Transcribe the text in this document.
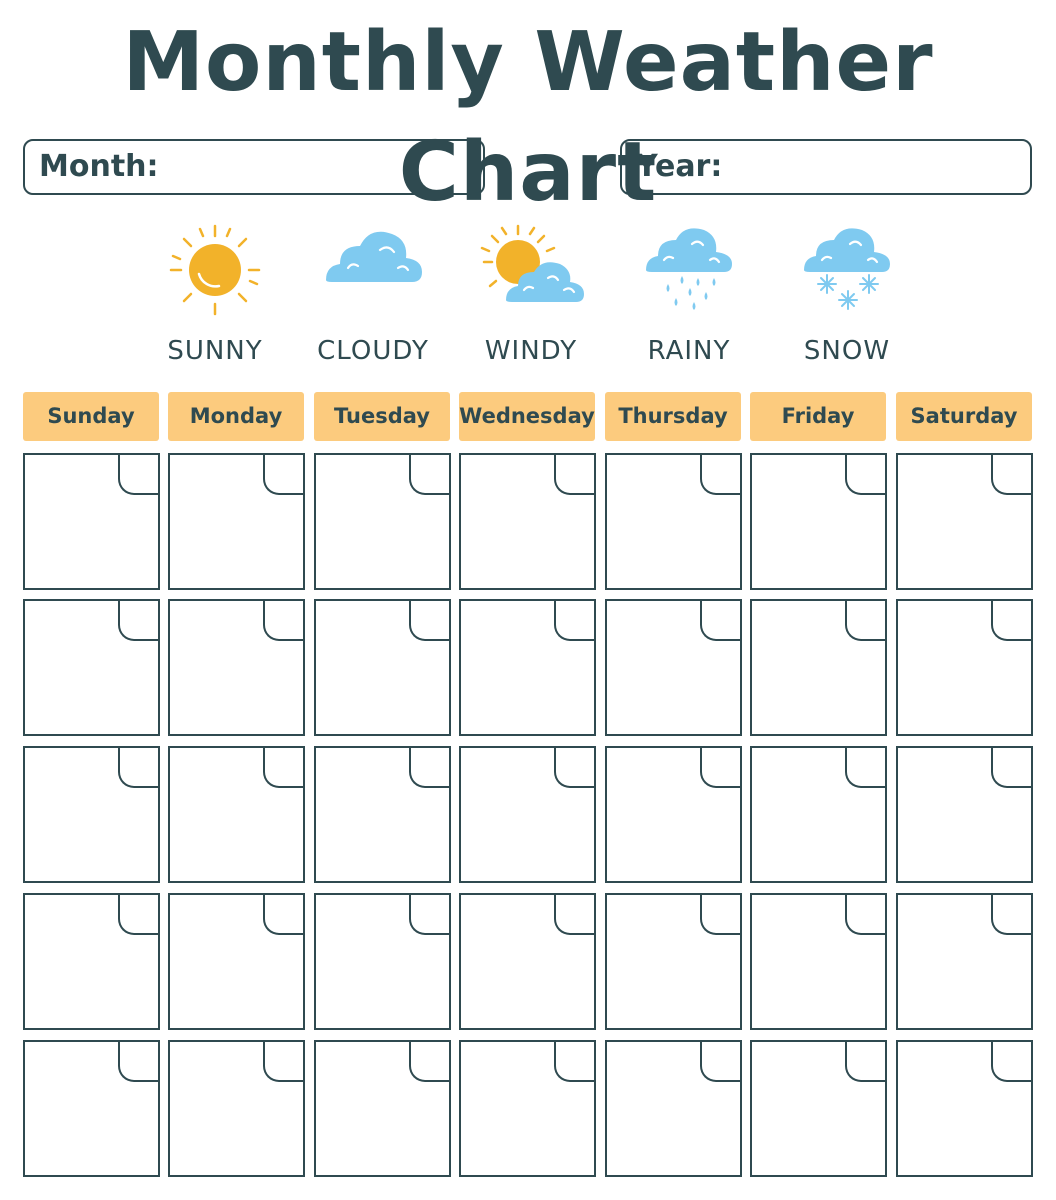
Monthly Weather Chart
Month:	Year:
SUNNY	CLOUDY	WINDY	RAINY	SNOW
Sunday	Monday	Tuesday	Wednesday	Thursday	Friday	Saturday
